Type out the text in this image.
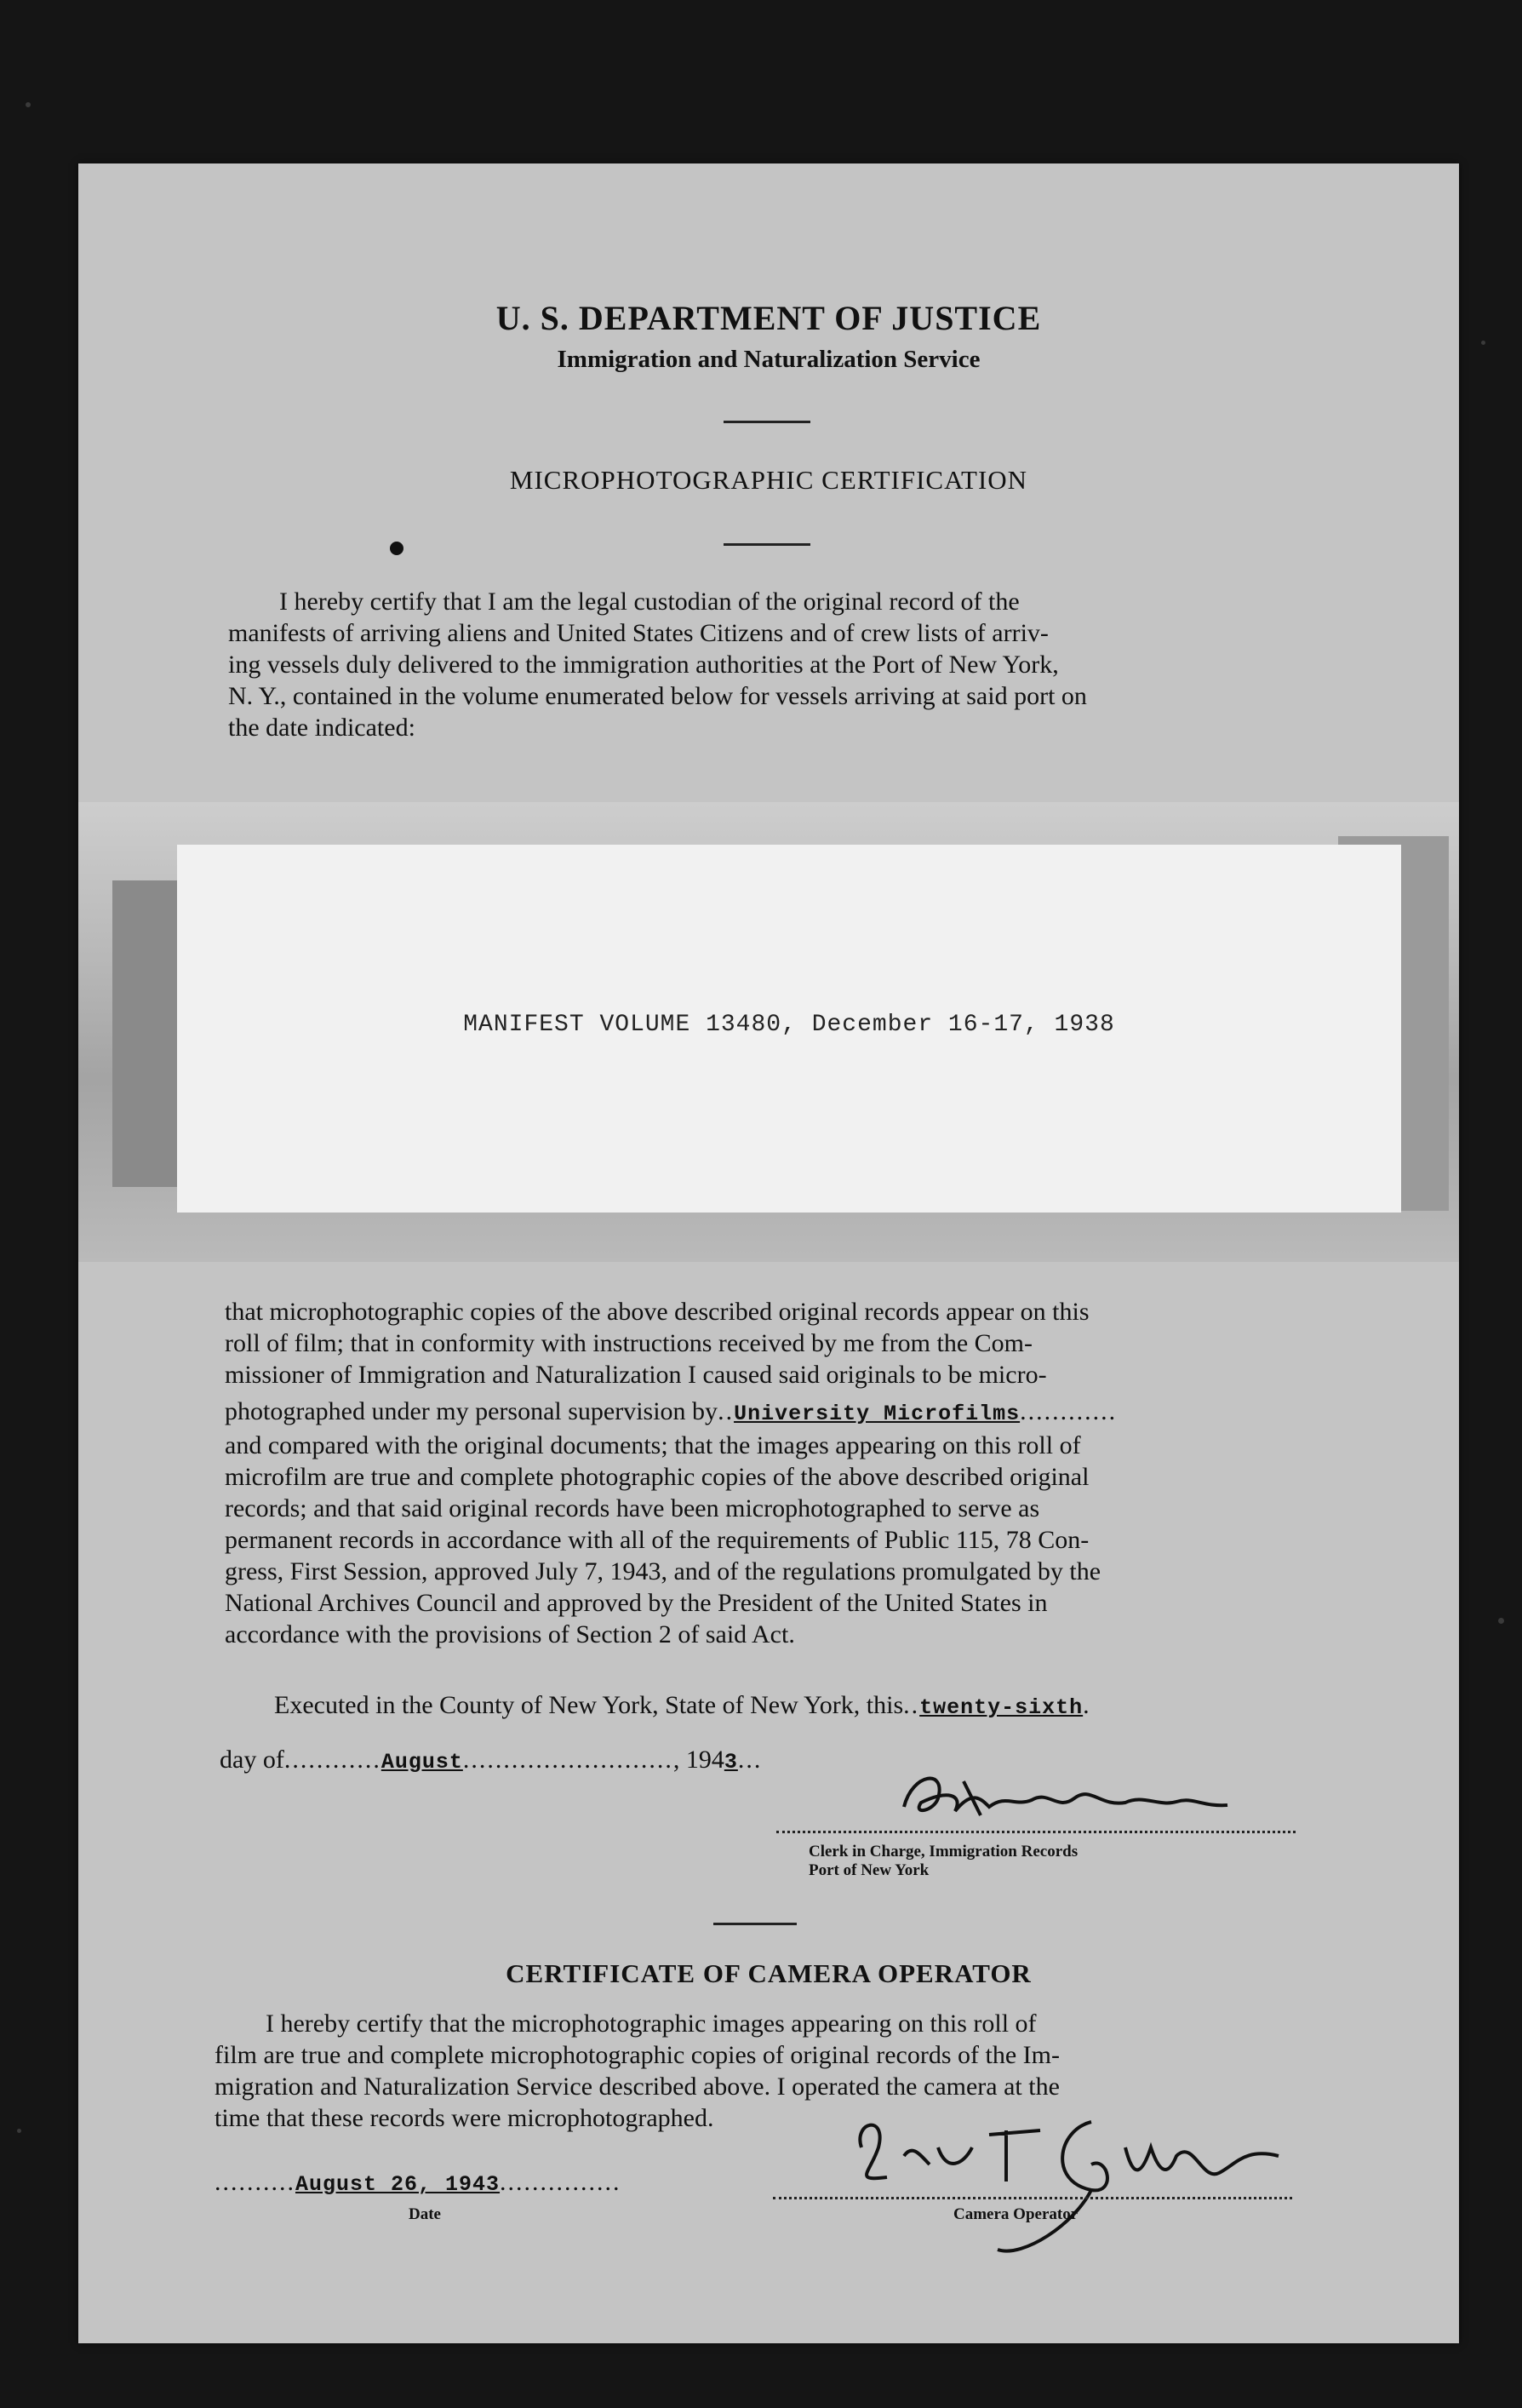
U. S. DEPARTMENT OF JUSTICE
Immigration and Naturalization Service
MICROPHOTOGRAPHIC CERTIFICATION
I hereby certify that I am the legal custodian of the original record of the
manifests of arriving aliens and United States Citizens and of crew lists of arriv-
ing vessels duly delivered to the immigration authorities at the Port of New York,
N. Y., contained in the volume enumerated below for vessels arriving at said port on
the date indicated:
MANIFEST VOLUME 13480, December 16-17, 1938
that microphotographic copies of the above described original records appear on this
roll of film; that in conformity with instructions received by me from the Com-
missioner of Immigration and Naturalization I caused said originals to be micro-
photographed under my personal supervision by..University Microfilms............
and compared with the original documents; that the images appearing on this roll of
microfilm are true and complete photographic copies of the above described original
records; and that said original records have been microphotographed to serve as
permanent records in accordance with all of the requirements of Public 115, 78 Con-
gress, First Session, approved July 7, 1943, and of the regulations promulgated by the
National Archives Council and approved by the President of the United States in
accordance with the provisions of Section 2 of said Act.
Executed in the County of New York, State of New York, this..twenty-sixth.
day of............August.........................., 1943...
Clerk in Charge, Immigration Records
Port of New York
CERTIFICATE OF CAMERA OPERATOR
I hereby certify that the microphotographic images appearing on this roll of
film are true and complete microphotographic copies of original records of the Im-
migration and Naturalization Service described above. I operated the camera at the
time that these records were microphotographed.
..........August 26, 1943...............
Date	Camera Operator
